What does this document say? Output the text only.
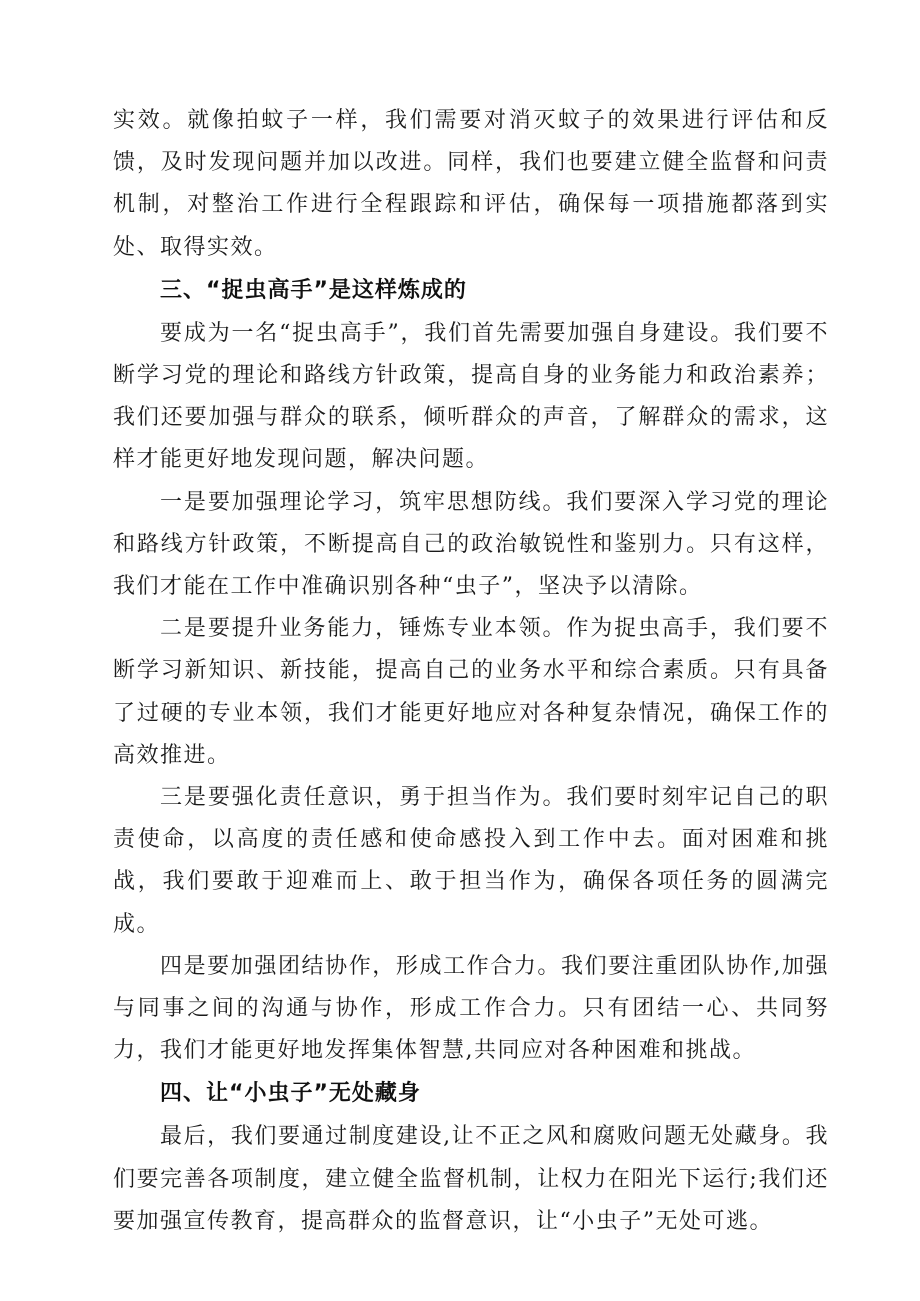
实效。就像拍蚊子一样，我们需要对消灭蚊子的效果进行评估和反馈，及时发现问题并加以改进。同样，我们也要建立健全监督和问责机制，对整治工作进行全程跟踪和评估，确保每一项措施都落到实处、取得实效。

三、“捉虫高手”是这样炼成的

要成为一名“捉虫高手”，我们首先需要加强自身建设。我们要不断学习党的理论和路线方针政策，提高自身的业务能力和政治素养；我们还要加强与群众的联系，倾听群众的声音，了解群众的需求，这样才能更好地发现问题，解决问题。

一是要加强理论学习，筑牢思想防线。我们要深入学习党的理论和路线方针政策，不断提高自己的政治敏锐性和鉴别力。只有这样，我们才能在工作中准确识别各种“虫子”，坚决予以清除。

二是要提升业务能力，锤炼专业本领。作为捉虫高手，我们要不断学习新知识、新技能，提高自己的业务水平和综合素质。只有具备了过硬的专业本领，我们才能更好地应对各种复杂情况，确保工作的高效推进。

三是要强化责任意识，勇于担当作为。我们要时刻牢记自己的职责使命，以高度的责任感和使命感投入到工作中去。面对困难和挑战，我们要敢于迎难而上、敢于担当作为，确保各项任务的圆满完成。

四是要加强团结协作，形成工作合力。我们要注重团队协作,加强与同事之间的沟通与协作，形成工作合力。只有团结一心、共同努力，我们才能更好地发挥集体智慧,共同应对各种困难和挑战。

四、让“小虫子”无处藏身

最后，我们要通过制度建设,让不正之风和腐败问题无处藏身。我们要完善各项制度，建立健全监督机制，让权力在阳光下运行;我们还要加强宣传教育，提高群众的监督意识，让“小虫子”无处可逃。
